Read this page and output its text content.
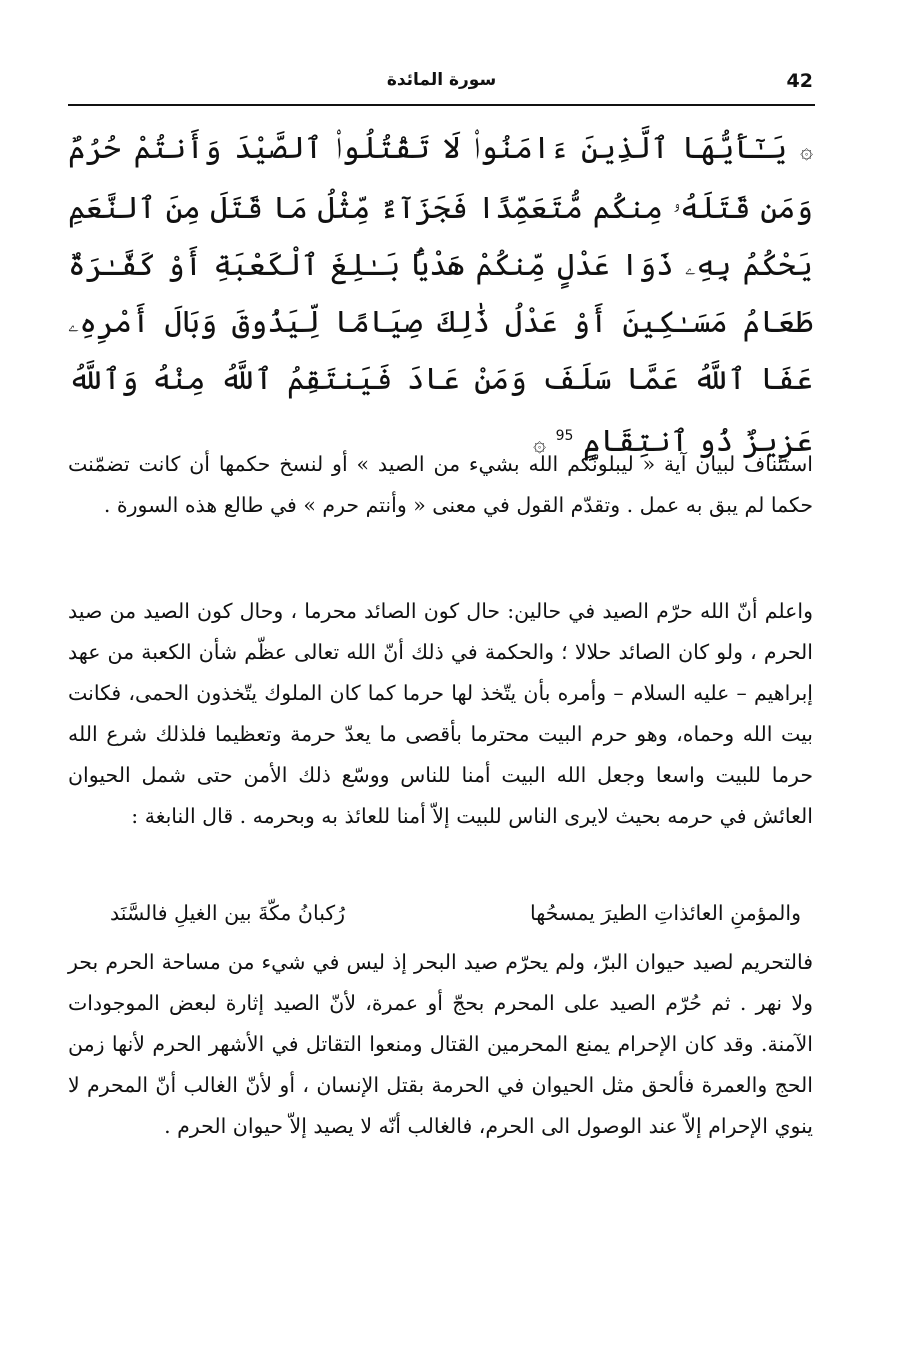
42
سورة المائدة
۞ يَـٰٓأَيُّهَا ٱلَّذِينَ ءَامَنُوا۟ لَا تَقْتُلُوا۟ ٱلصَّيْدَ وَأَنتُمْ حُرُمٌ وَمَن قَتَلَهُۥ مِنكُم مُّتَعَمِّدًا فَجَزَآءٌ مِّثْلُ مَا قَتَلَ مِنَ ٱلنَّعَمِ يَحْكُمُ بِهِۦ ذَوَا عَدْلٍ مِّنكُمْ هَدْيًۢا بَـٰلِغَ ٱلْكَعْبَةِ أَوْ كَفَّـٰرَةٌ طَعَامُ مَسَـٰكِينَ أَوْ عَدْلُ ذَٰلِكَ صِيَامًا لِّيَذُوقَ وَبَالَ أَمْرِهِۦ عَفَا ٱللَّهُ عَمَّا سَلَفَ وَمَنْ عَادَ فَيَنتَقِمُ ٱللَّهُ مِنْهُ وَٱللَّهُ عَزِيزٌ ذُو ٱنتِقَامٍ $^{95}$ ۞
استئناف لبيان آية « ليبلونّكم الله بشيء من الصيد » أو لنسخ حكمها أن كانت تضمّنت حكما لم يبق به عمل . وتقدّم القول في معنى « وأنتم حرم » في طالع هذه السورة .
واعلم أنّ الله حرّم الصيد في حالين: حال كون الصائد محرما ، وحال كون الصيد من صيد الحرم ، ولو كان الصائد حلالا ؛ والحكمة في ذلك أنّ الله تعالى عظّم شأن الكعبة من عهد إبراهيم – عليه السلام – وأمره بأن يتّخذ لها حرما كما كان الملوك يتّخذون الحمى، فكانت بيت الله وحماه، وهو حرم البيت محترما بأقصى ما يعدّ حرمة وتعظيما فلذلك شرع الله حرما للبيت واسعا وجعل الله البيت أمنا للناس ووسّع ذلك الأمن حتى شمل الحيوان العائش في حرمه بحيث لايرى الناس للبيت إلاّ أمنا للعائذ به وبحرمه . قال النابغة :
والمؤمنِ العائذاتِ الطيرَ يمسحُها
رُكبانُ مكّةَ بين الغيلِ فالسَّنَد
فالتحريم لصيد حيوان البرّ، ولم يحرّم صيد البحر إذ ليس في شيء من مساحة الحرم بحر ولا نهر . ثم حُرّم الصيد على المحرم بحجّ أو عمرة، لأنّ الصيد إثارة لبعض الموجودات الآمنة. وقد كان الإحرام يمنع المحرمين القتال ومنعوا التقاتل في الأشهر الحرم لأنها زمن الحج والعمرة فألحق مثل الحيوان في الحرمة بقتل الإنسان ، أو لأنّ الغالب أنّ المحرم لا ينوي الإحرام إلاّ عند الوصول الى الحرم، فالغالب أنّه لا يصيد إلاّ حيوان الحرم .
